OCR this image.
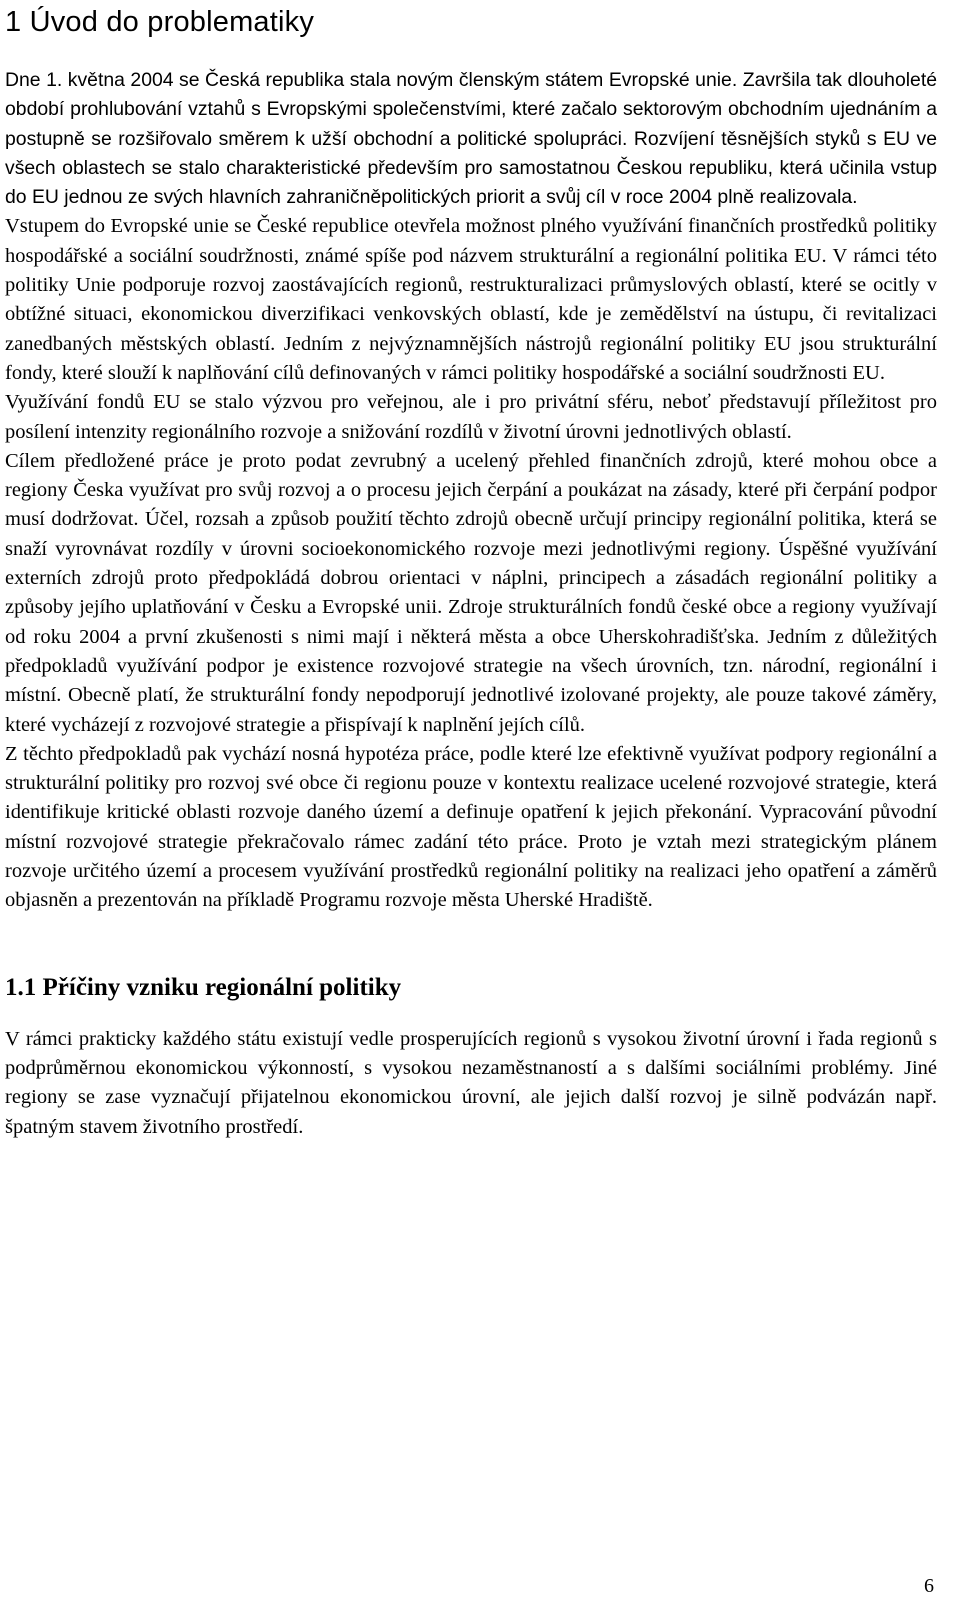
1 Úvod do problematiky

Dne 1. května 2004 se Česká republika stala novým členským státem Evropské unie. Završila tak dlouholeté období prohlubování vztahů s Evropskými společenstvími, které začalo sektorovým obchodním ujednáním a postupně se rozšiřovalo směrem k užší obchodní a politické spolupráci. Rozvíjení těsnějších styků s EU ve všech oblastech se stalo charakteristické především pro samostatnou Českou republiku, která učinila vstup do EU jednou ze svých hlavních zahraničněpolitických priorit a svůj cíl v roce 2004 plně realizovala.

Vstupem do Evropské unie se České republice otevřela možnost plného využívání finančních prostředků politiky hospodářské a sociální soudržnosti, známé spíše pod názvem strukturální a regionální politika EU. V rámci této politiky Unie podporuje rozvoj zaostávajících regionů, restrukturalizaci průmyslových oblastí, které se ocitly v obtížné situaci, ekonomickou diverzifikaci venkovských oblastí, kde je zemědělství na ústupu, či revitalizaci zanedbaných městských oblastí. Jedním z nejvýznamnějších nástrojů regionální politiky EU jsou strukturální fondy, které slouží k naplňování cílů definovaných v rámci politiky hospodářské a sociální soudržnosti EU.

Využívání fondů EU se stalo výzvou pro veřejnou, ale i pro privátní sféru, neboť představují příležitost pro posílení intenzity regionálního rozvoje a snižování rozdílů v životní úrovni jednotlivých oblastí.

Cílem předložené práce je proto podat zevrubný a ucelený přehled finančních zdrojů, které mohou obce a regiony Česka využívat pro svůj rozvoj a o procesu jejich čerpání a poukázat na zásady, které při čerpání podpor musí dodržovat. Účel, rozsah a způsob použití těchto zdrojů obecně určují principy regionální politika, která se snaží vyrovnávat rozdíly v úrovni socioekonomického rozvoje mezi jednotlivými regiony. Úspěšné využívání externích zdrojů proto předpokládá dobrou orientaci v náplni, principech a zásadách regionální politiky a způsoby jejího uplatňování v Česku a Evropské unii. Zdroje strukturálních fondů české obce a regiony využívají od roku 2004 a první zkušenosti s nimi mají i některá města a obce Uherskohradišťska. Jedním z důležitých předpokladů využívání podpor je existence rozvojové strategie na všech úrovních, tzn. národní, regionální i místní. Obecně platí, že strukturální fondy nepodporují jednotlivé izolované projekty, ale pouze takové záměry, které vycházejí z rozvojové strategie a přispívají k naplnění jejích cílů.

Z těchto předpokladů pak vychází nosná hypotéza práce, podle které lze efektivně využívat podpory regionální a strukturální politiky pro rozvoj své obce či regionu pouze v kontextu realizace ucelené rozvojové strategie, která identifikuje kritické oblasti rozvoje daného území a definuje opatření k jejich překonání. Vypracování původní místní rozvojové strategie překračovalo rámec zadání této práce. Proto je vztah mezi strategickým plánem rozvoje určitého území a procesem využívání prostředků regionální politiky na realizaci jeho opatření a záměrů objasněn a prezentován na příkladě Programu rozvoje města Uherské Hradiště.

1.1 Příčiny vzniku regionální politiky

V rámci prakticky každého státu existují vedle prosperujících regionů s vysokou životní úrovní i řada regionů s podprůměrnou ekonomickou výkonností, s vysokou nezaměstnaností a s dalšími sociálními problémy. Jiné regiony se zase vyznačují přijatelnou ekonomickou úrovní, ale jejich další rozvoj je silně podvázán např. špatným stavem životního prostředí.

6
